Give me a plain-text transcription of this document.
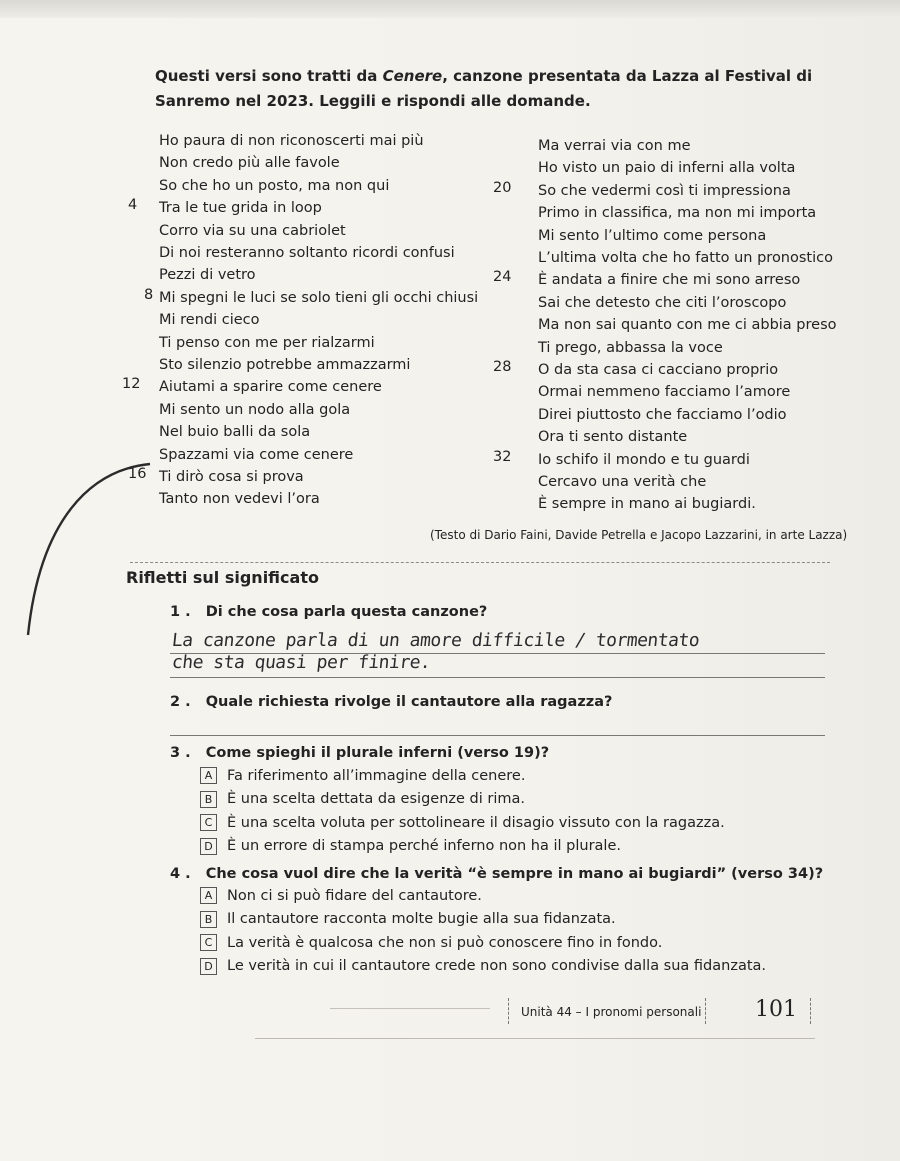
Questi versi sono tratti da Cenere, canzone presentata da Lazza al Festival di Sanremo nel 2023. Leggili e rispondi alle domande.

Ho paura di non riconoscerti mai più

Non credo più alle favole

So che ho un posto, ma non qui

Tra le tue grida in loop

Corro via su una cabriolet

Di noi resteranno soltanto ricordi confusi

Pezzi di vetro

Mi spegni le luci se solo tieni gli occhi chiusi

Mi rendi cieco

Ti penso con me per rialzarmi

Sto silenzio potrebbe ammazzarmi

Aiutami a sparire come cenere

Mi sento un nodo alla gola

Nel buio balli da sola

Spazzami via come cenere

Ti dirò cosa si prova

Tanto non vedevi l’ora

Ma verrai via con me

Ho visto un paio di inferni alla volta

So che vedermi così ti impressiona

Primo in classifica, ma non mi importa

Mi sento l’ultimo come persona

L’ultima volta che ho fatto un pronostico

È andata a finire che mi sono arreso

Sai che detesto che citi l’oroscopo

Ma non sai quanto con me ci abbia preso

Ti prego, abbassa la voce

O da sta casa ci cacciano proprio

Ormai nemmeno facciamo l’amore

Direi piuttosto che facciamo l’odio

Ora ti sento distante

Io schifo il mondo e tu guardi

Cercavo una verità che

È sempre in mano ai bugiardi.

4
8
12
16
20
24
28
32
(Testo di Dario Faini, Davide Petrella e Jacopo Lazzarini, in arte Lazza)
Rifletti sul significato
1 . Di che cosa parla questa canzone?
La canzone parla di un amore difficile / tormentato
che sta quasi per finire.
2 . Quale richiesta rivolge il cantautore alla ragazza?
3 . Come spieghi il plurale inferni (verso 19)?
A	Fa riferimento all’immagine della cenere.
B	È una scelta dettata da esigenze di rima.
C	È una scelta voluta per sottolineare il disagio vissuto con la ragazza.
D È un errore di stampa perché inferno non ha il plurale.
4 . Che cosa vuol dire che la verità “è sempre in mano ai bugiardi” (verso 34)?
A	Non ci si può fidare del cantautore.
B	Il cantautore racconta molte bugie alla sua fidanzata.
C	La verità è qualcosa che non si può conoscere fino in fondo.
D Le verità in cui il cantautore crede non sono condivise dalla sua fidanzata.
Unità 44 – I pronomi personali 101
